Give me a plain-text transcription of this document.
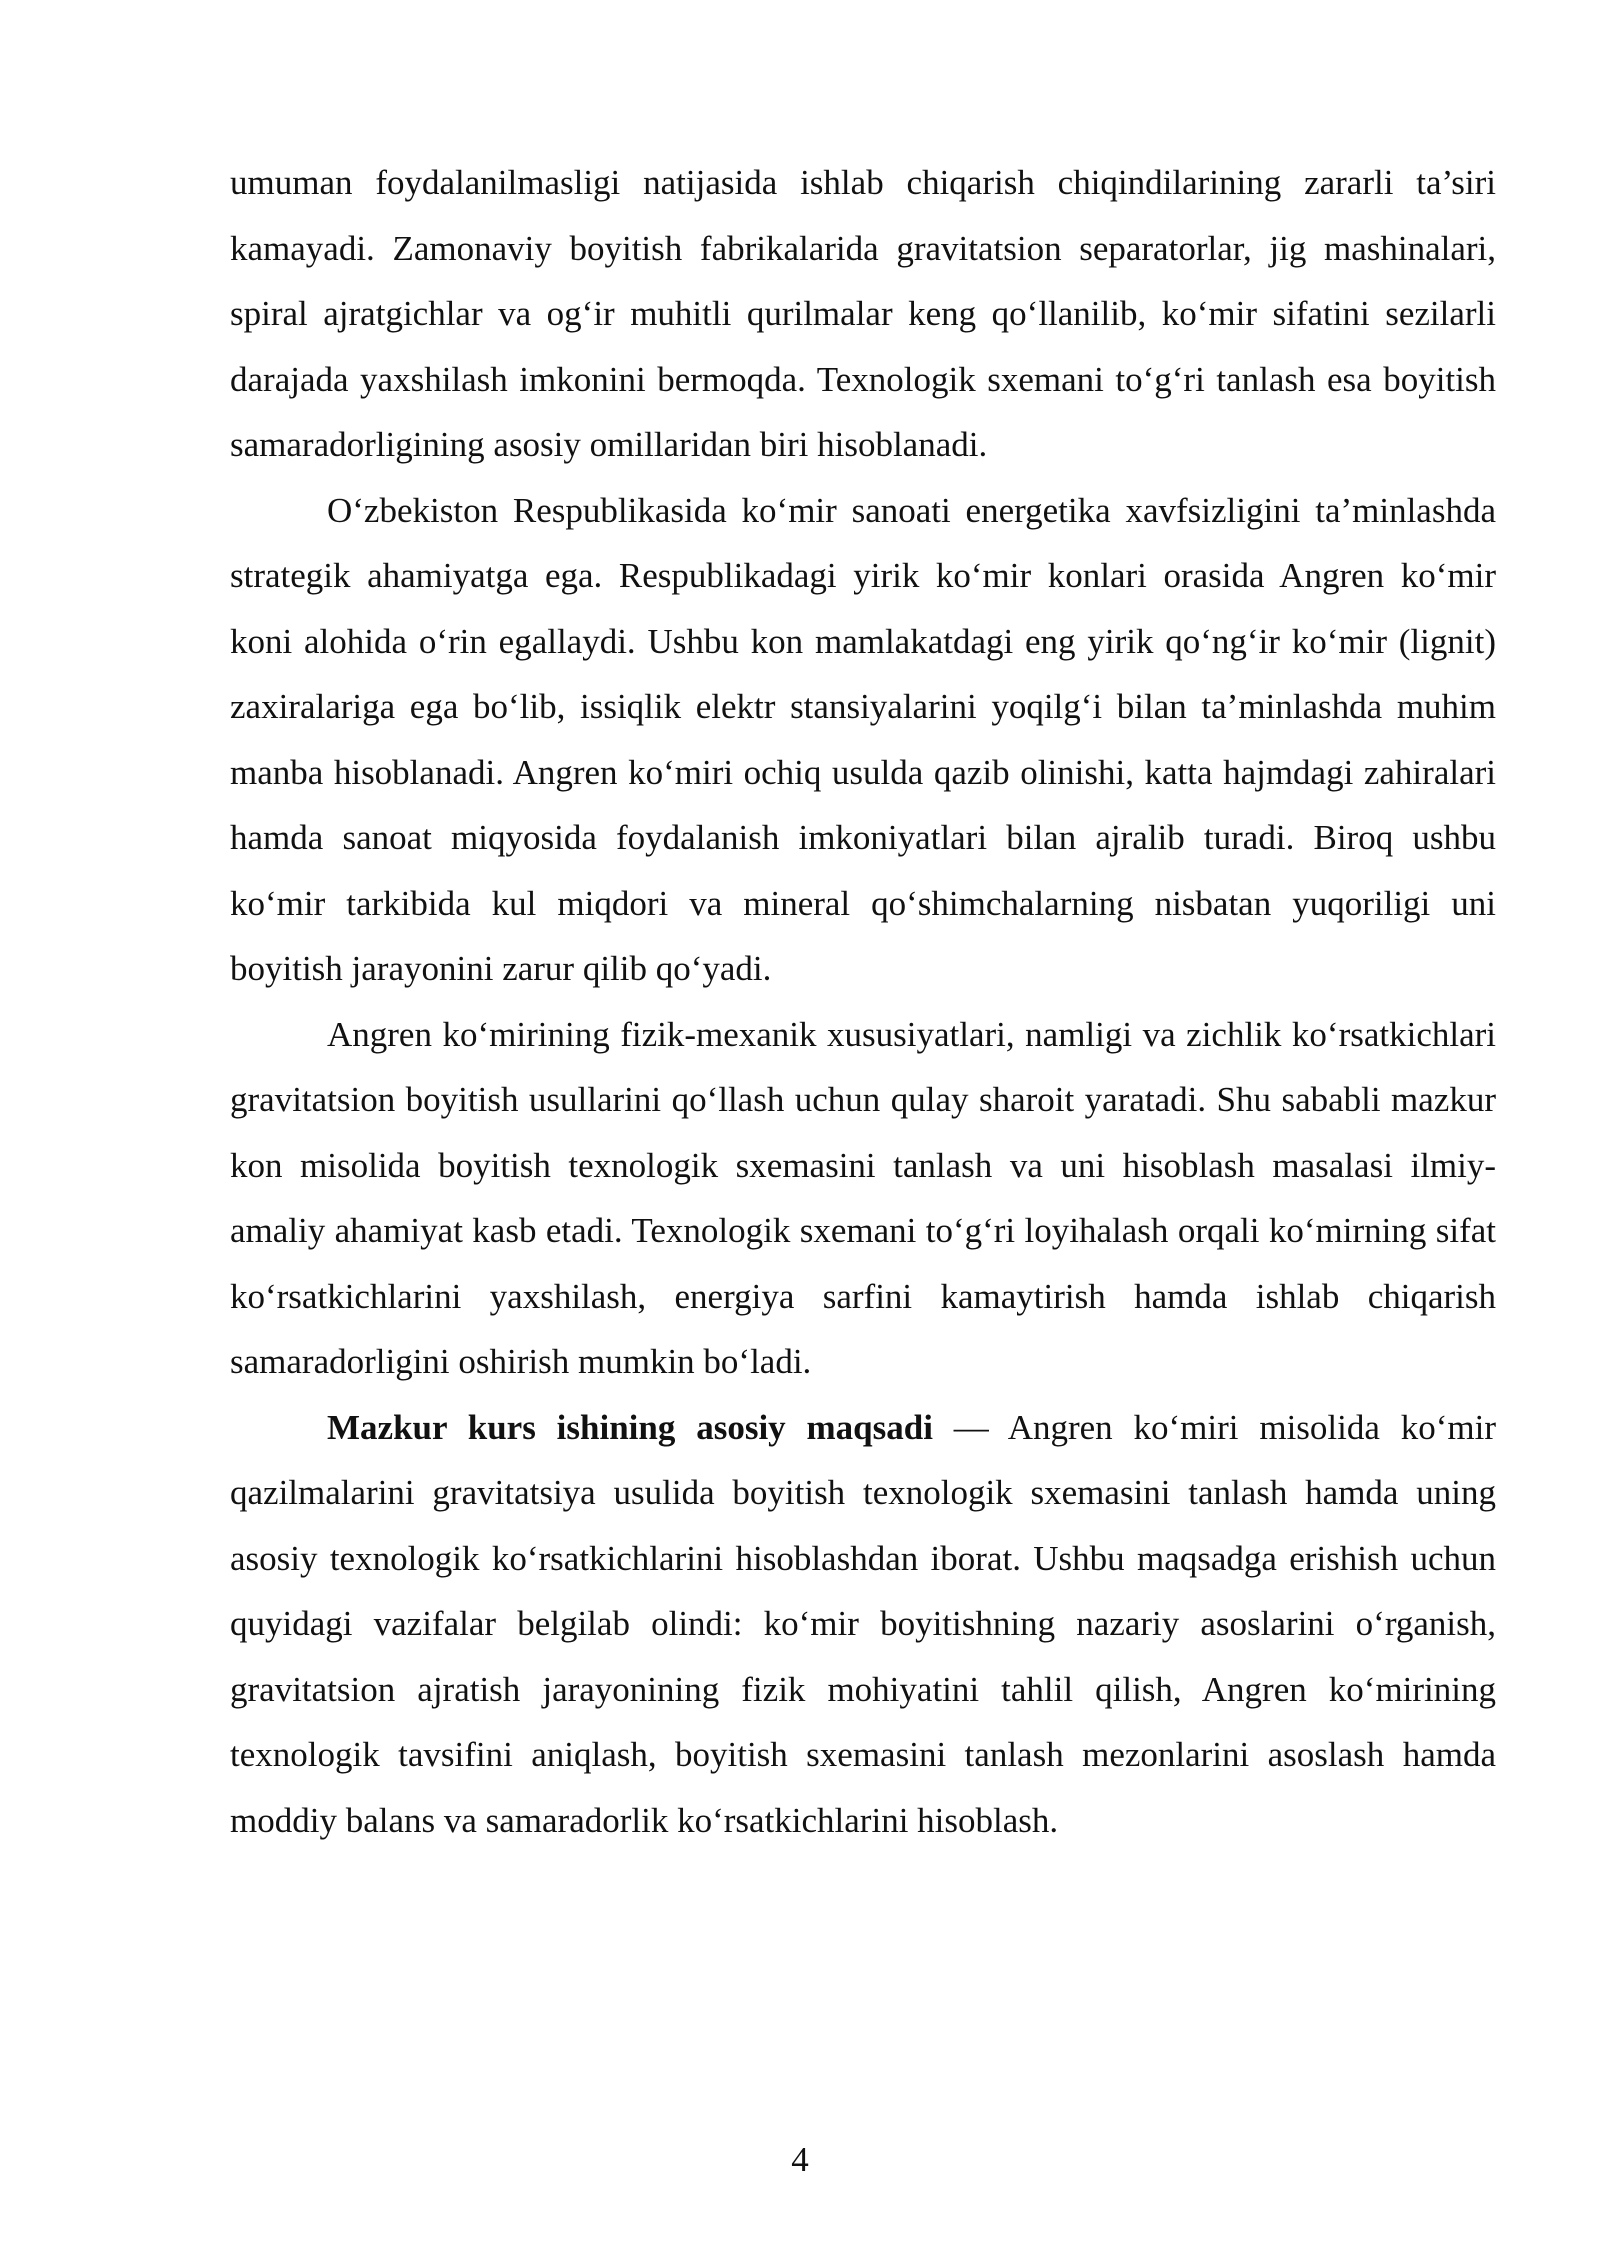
umuman foydalanilmasligi natijasida ishlab chiqarish chiqindilarining zararli ta’siri kamayadi. Zamonaviy boyitish fabrikalarida gravitatsion separatorlar, jig mashinalari, spiral ajratgichlar va og‘ir muhitli qurilmalar keng qo‘llanilib, ko‘mir sifatini sezilarli darajada yaxshilash imkonini bermoqda. Texnologik sxemani to‘g‘ri tanlash esa boyitish samaradorligining asosiy omillaridan biri hisoblanadi.

O‘zbekiston Respublikasida ko‘mir sanoati energetika xavfsizligini ta’minlashda strategik ahamiyatga ega. Respublikadagi yirik ko‘mir konlari orasida Angren ko‘mir koni alohida o‘rin egallaydi. Ushbu kon mamlakatdagi eng yirik qo‘ng‘ir ko‘mir (lignit) zaxiralariga ega bo‘lib, issiqlik elektr stansiyalarini yoqilg‘i bilan ta’minlashda muhim manba hisoblanadi. Angren ko‘miri ochiq usulda qazib olinishi, katta hajmdagi zahiralari hamda sanoat miqyosida foydalanish imkoniyatlari bilan ajralib turadi. Biroq ushbu ko‘mir tarkibida kul miqdori va mineral qo‘shimchalarning nisbatan yuqoriligi uni boyitish jarayonini zarur qilib qo‘yadi.

Angren ko‘mirining fizik-mexanik xususiyatlari, namligi va zichlik ko‘rsatkichlari gravitatsion boyitish usullarini qo‘llash uchun qulay sharoit yaratadi. Shu sababli mazkur kon misolida boyitish texnologik sxemasini tanlash va uni hisoblash masalasi ilmiy-amaliy ahamiyat kasb etadi. Texnologik sxemani to‘g‘ri loyihalash orqali ko‘mirning sifat ko‘rsatkichlarini yaxshilash, energiya sarfini kamaytirish hamda ishlab chiqarish samaradorligini oshirish mumkin bo‘ladi.

Mazkur kurs ishining asosiy maqsadi — Angren ko‘miri misolida ko‘mir qazilmalarini gravitatsiya usulida boyitish texnologik sxemasini tanlash hamda uning asosiy texnologik ko‘rsatkichlarini hisoblashdan iborat. Ushbu maqsadga erishish uchun quyidagi vazifalar belgilab olindi: ko‘mir boyitishning nazariy asoslarini o‘rganish, gravitatsion ajratish jarayonining fizik mohiyatini tahlil qilish, Angren ko‘mirining texnologik tavsifini aniqlash, boyitish sxemasini tanlash mezonlarini asoslash hamda moddiy balans va samaradorlik ko‘rsatkichlarini hisoblash.

4
